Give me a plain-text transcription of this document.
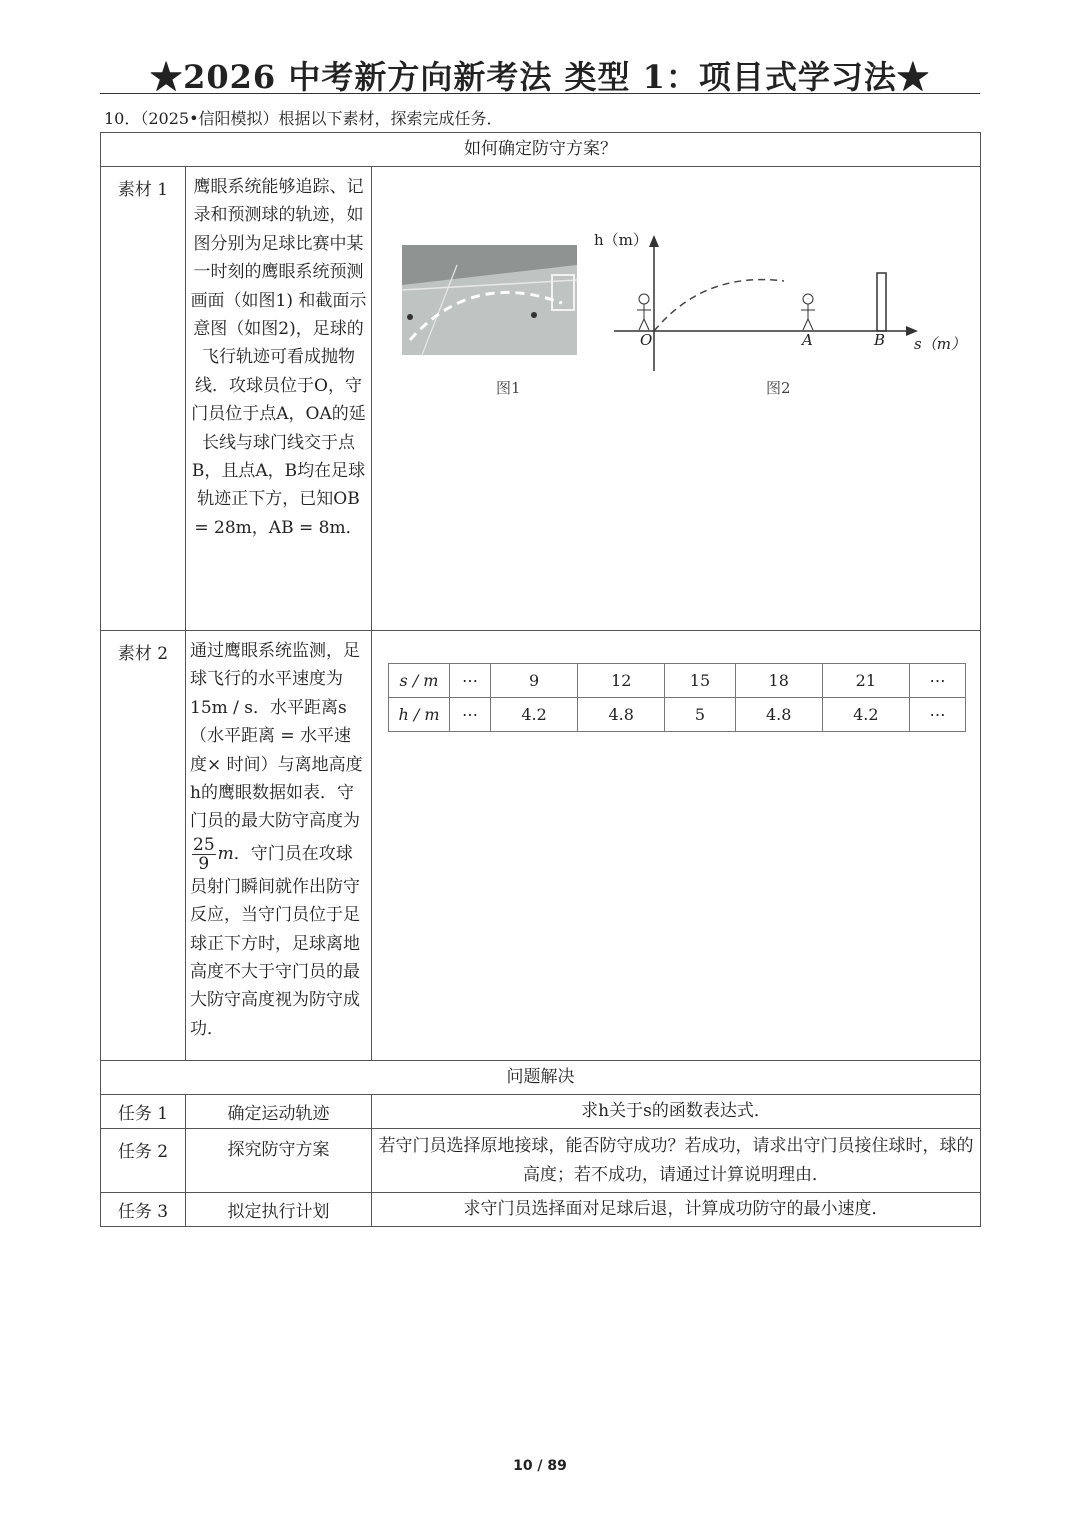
★2026 中考新方向新考法 类型 1：项目式学习法★
10．（2025•信阳模拟）根据以下素材，探索完成任务．
如何确定防守方案？
素材 1	鹰眼系统能够追踪、记录和预测球的轨迹，如图分别为足球比赛中某一时刻的鹰眼系统预测画面（如图1) 和截面示意图（如图2)，足球的飞行轨迹可看成抛物线．攻球员位于O，守门员位于点A，OA的延长线与球门线交于点B，且点A，B均在足球轨迹正下方，已知OB = 28m，AB = 8m．

图1
h（m）
s（m）
O	A	B
图2

素材 2	通过鹰眼系统监测，足球飞行的水平速度为15m / s．水平距离s（水平距离 = 水平速度× 时间）与离地高度h的鹰眼数据如表．守门员的最大防守高度为
$\frac{25}{9}$ m．守门员在攻球员射门瞬间就作出防守反应，当守门员位于足球正下方时，足球离地高度不大于守门员的最大防守高度视为防守成功．

s / m	⋯	9	12	15	18	21	⋯
h / m	⋯	4.2	4.8	5	4.8	4.2	⋯

问题解决
任务 1	确定运动轨迹	求h关于s的函数表达式．
任务 2	探究防守方案	若守门员选择原地接球，能否防守成功？若成功，请求出守门员接住球时，球的高度；若不成功，请通过计算说明理由．
任务 3	拟定执行计划	求守门员选择面对足球后退，计算成功防守的最小速度．
10 / 89
